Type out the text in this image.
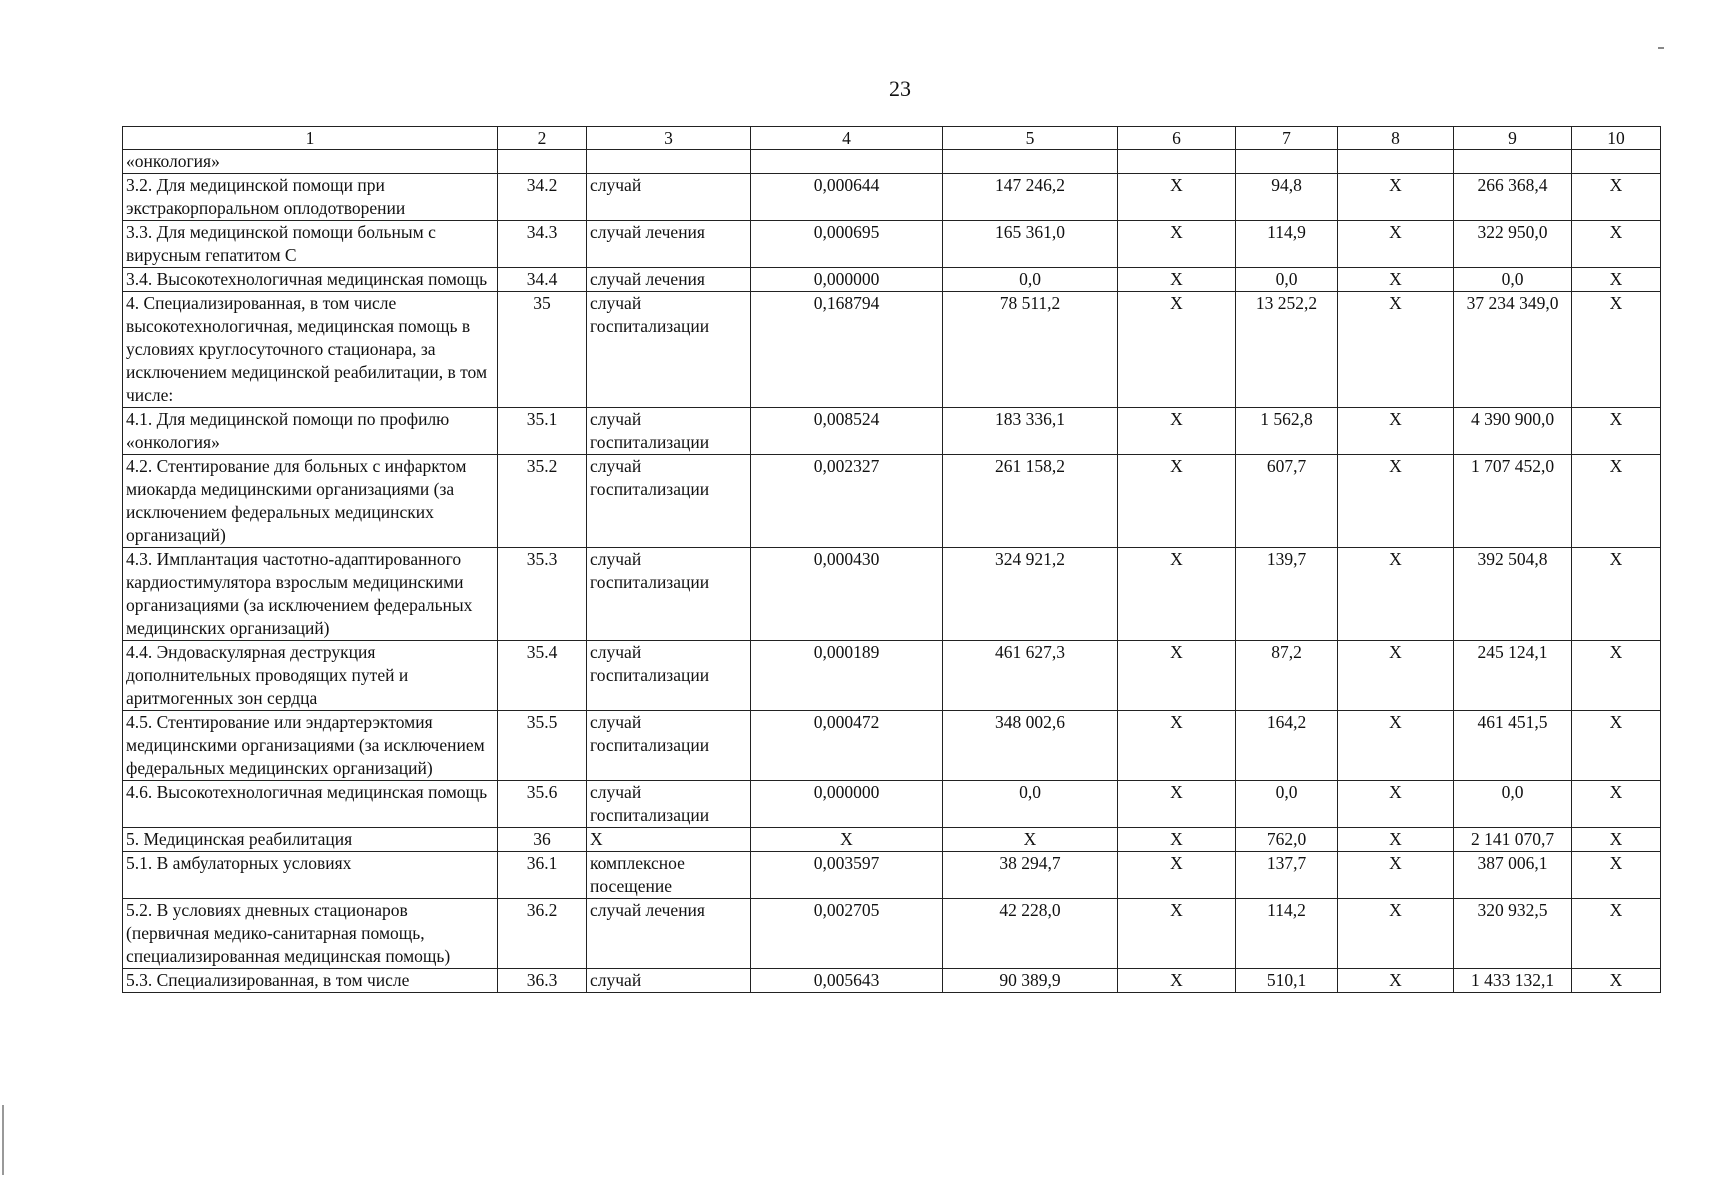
23
1	2	3	4	5	6	7	8	9	10
«онкология»									
3.2. Для медицинской помощи при экстракорпоральном оплодотворении	34.2	случай	0,000644	147 246,2	Х	94,8	Х	266 368,4	Х
3.3. Для медицинской помощи больным с вирусным гепатитом С	34.3	случай лечения	0,000695	165 361,0	Х	114,9	Х	322 950,0	Х
3.4. Высокотехнологичная медицинская помощь	34.4	случай лечения	0,000000	0,0	Х	0,0	Х	0,0	Х
4. Специализированная, в том числе высокотехнологичная, медицинская помощь в условиях круглосуточного стационара, за исключением медицинской реабилитации, в том числе:	35	случай госпитализации	0,168794	78 511,2	Х	13 252,2	Х	37 234 349,0	Х
4.1. Для медицинской помощи по профилю «онкология»	35.1	случай госпитализации	0,008524	183 336,1	Х	1 562,8	Х	4 390 900,0	Х
4.2. Стентирование для больных с инфарктом миокарда медицинскими организациями (за исключением федеральных медицинских организаций)	35.2	случай госпитализации	0,002327	261 158,2	Х	607,7	Х	1 707 452,0	Х
4.3. Имплантация частотно-адаптированного кардиостимулятора взрослым медицинскими организациями (за исключением федеральных медицинских организаций)	35.3	случай госпитализации	0,000430	324 921,2	Х	139,7	Х	392 504,8	Х
4.4. Эндоваскулярная деструкция дополнительных проводящих путей и аритмогенных зон сердца	35.4	случай госпитализации	0,000189	461 627,3	Х	87,2	Х	245 124,1	Х
4.5. Стентирование или эндартерэктомия медицинскими организациями (за исключением федеральных медицинских организаций)	35.5	случай госпитализации	0,000472	348 002,6	Х	164,2	Х	461 451,5	Х
4.6. Высокотехнологичная медицинская помощь	35.6	случай госпитализации	0,000000	0,0	Х	0,0	Х	0,0	Х
5. Медицинская реабилитация	36	Х	Х	Х	Х	762,0	Х	2 141 070,7	Х
5.1. В амбулаторных условиях	36.1	комплексное посещение	0,003597	38 294,7	Х	137,7	Х	387 006,1	Х
5.2. В условиях дневных стационаров (первичная медико-санитарная помощь, специализированная медицинская помощь)	36.2	случай лечения	0,002705	42 228,0	Х	114,2	Х	320 932,5	Х
5.3. Специализированная, в том числе	36.3	случай	0,005643	90 389,9	Х	510,1	Х	1 433 132,1	Х
